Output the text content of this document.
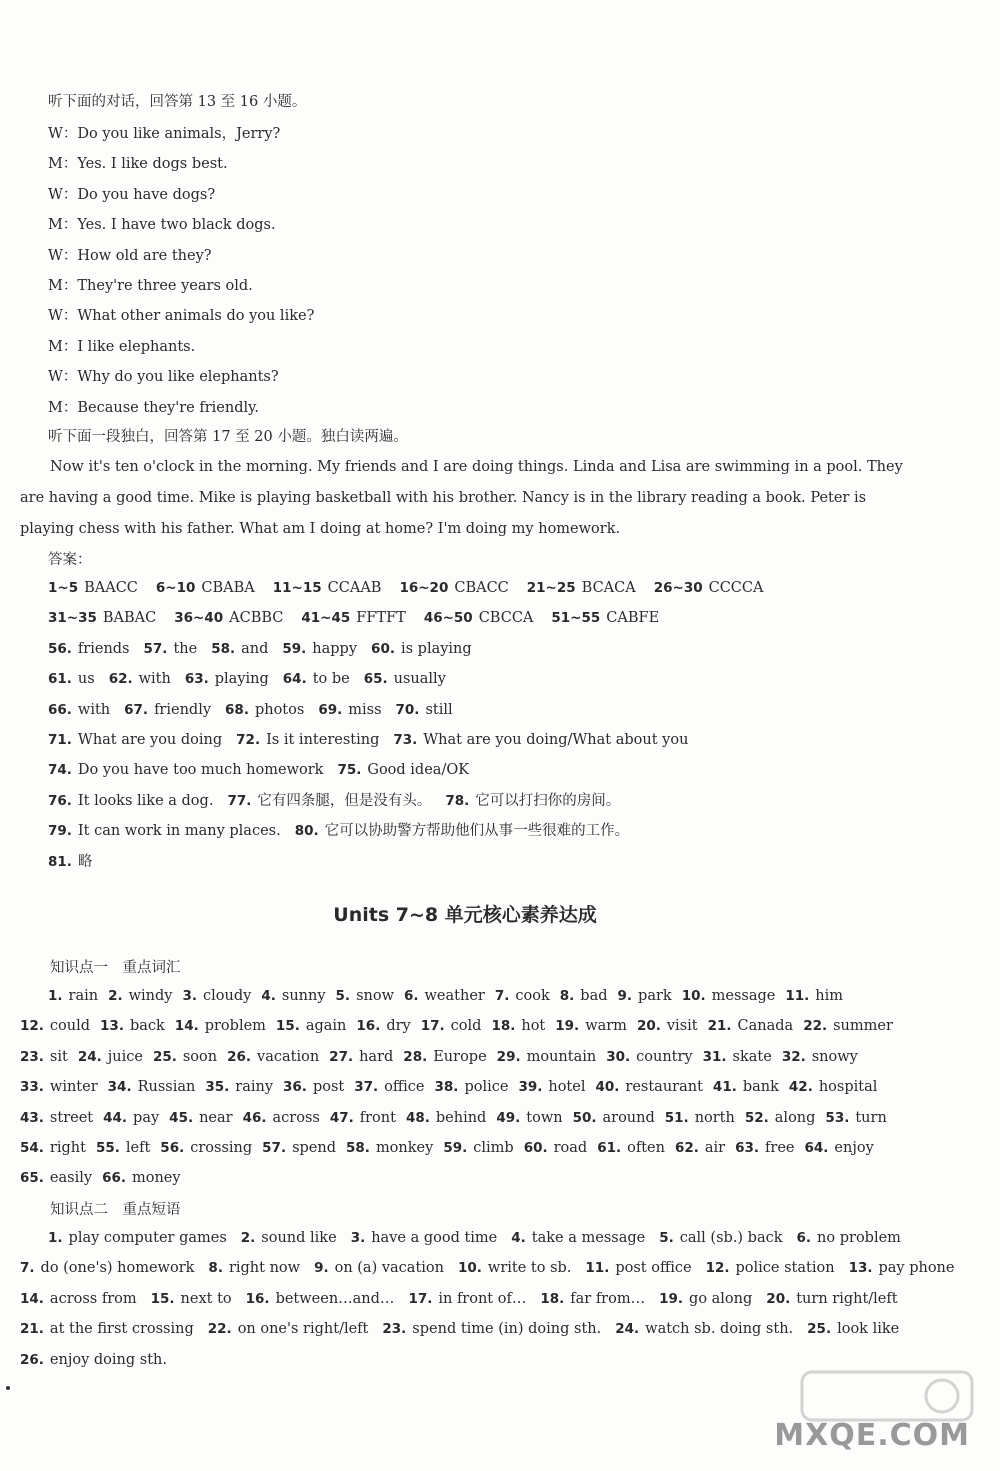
听下面的对话，回答第 13 至 16 小题。
W：Do you like animals，Jerry?
M：Yes. I like dogs best.
W：Do you have dogs?
M：Yes. I have two black dogs.
W：How old are they?
M：They're three years old.
W：What other animals do you like?
M：I like elephants.
W：Why do you like elephants?
M：Because they're friendly.
听下面一段独白，回答第 17 至 20 小题。独白读两遍。
Now it's ten o'clock in the morning. My friends and I are doing things. Linda and Lisa are swimming in a pool. They are having a good time. Mike is playing basketball with his brother. Nancy is in the library reading a book. Peter is playing chess with his father. What am I doing at home? I'm doing my homework.
答案：
1~5 BAACC 6~10 CBABA 11~15 CCAAB 16~20 CBACC 21~25 BCACA 26~30 CCCCA
31~35 BABAC 36~40 ACBBC 41~45 FFTFT 46~50 CBCCA 51~55 CABFE
56. friends 57. the 58. and 59. happy 60. is playing
61. us 62. with 63. playing 64. to be 65. usually
66. with 67. friendly 68. photos 69. miss 70. still
71. What are you doing 72. Is it interesting 73. What are you doing/What about you
74. Do you have too much homework 75. Good idea/OK
76. It looks like a dog. 77. 它有四条腿，但是没有头。 78. 它可以打扫你的房间。
79. It can work in many places. 80. 它可以协助警方帮助他们从事一些很难的工作。
81. 略
Units 7~8 单元核心素养达成
知识点一　重点词汇
1. rain 2. windy 3. cloudy 4. sunny 5. snow 6. weather 7. cook 8. bad 9. park 10. message 11. him
12. could 13. back 14. problem 15. again 16. dry 17. cold 18. hot 19. warm 20. visit 21. Canada 22. summer
23. sit 24. juice 25. soon 26. vacation 27. hard 28. Europe 29. mountain 30. country 31. skate 32. snowy
33. winter 34. Russian 35. rainy 36. post 37. office 38. police 39. hotel 40. restaurant 41. bank 42. hospital
43. street 44. pay 45. near 46. across 47. front 48. behind 49. town 50. around 51. north 52. along 53. turn
54. right 55. left 56. crossing 57. spend 58. monkey 59. climb 60. road 61. often 62. air 63. free 64. enjoy
65. easily 66. money
知识点二　重点短语
1. play computer games 2. sound like 3. have a good time 4. take a message 5. call (sb.) back 6. no problem
7. do (one's) homework 8. right now 9. on (a) vacation 10. write to sb. 11. post office 12. police station 13. pay phone
14. across from 15. next to 16. between…and… 17. in front of… 18. far from… 19. go along 20. turn right/left
21. at the first crossing 22. on one's right/left 23. spend time (in) doing sth. 24. watch sb. doing sth. 25. look like
26. enjoy doing sth.
MXQE.COM
